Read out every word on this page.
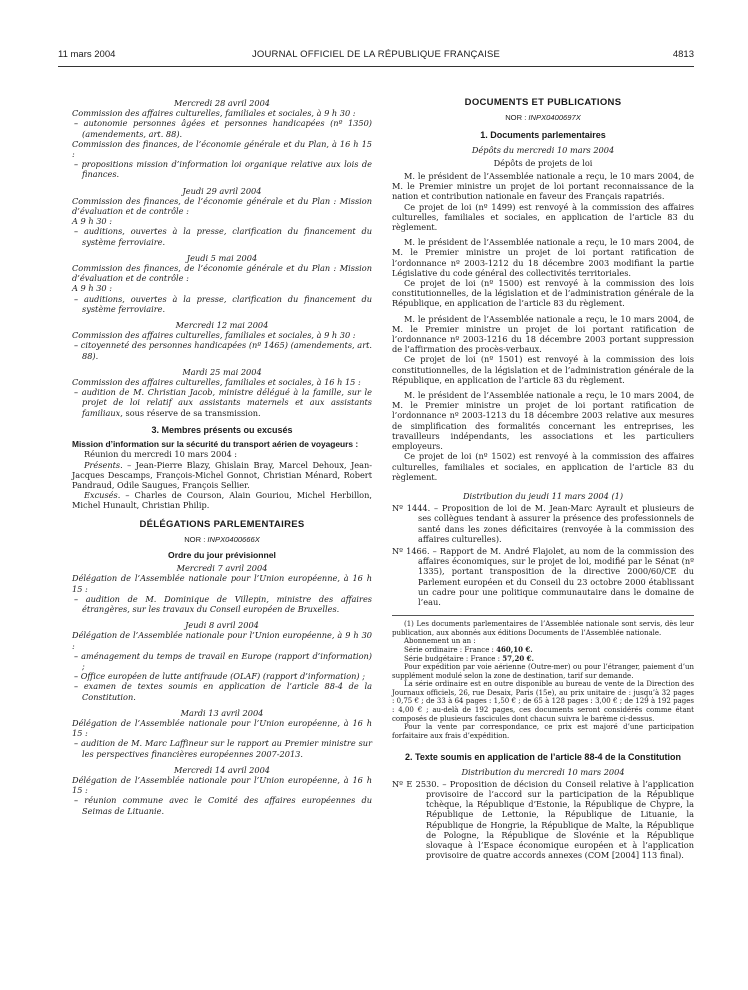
11 mars 2004	JOURNAL OFFICIEL DE LA RÉPUBLIQUE FRANÇAISE	4813

Mercredi 28 avril 2004

Commission des affaires culturelles, familiales et sociales, à 9 h 30 :

– autonomie personnes âgées et personnes handicapées (nº 1350) (amendements, art. 88).

Commission des finances, de l’économie générale et du Plan, à 16 h 15 :

– propositions mission d’information loi organique relative aux lois de finances.

Jeudi 29 avril 2004

Commission des finances, de l’économie générale et du Plan : Mission d’évaluation et de contrôle :

A 9 h 30 :

– auditions, ouvertes à la presse, clarification du financement du système ferroviaire.

Jeudi 5 mai 2004

Commission des finances, de l’économie générale et du Plan : Mission d’évaluation et de contrôle :

A 9 h 30 :

– auditions, ouvertes à la presse, clarification du financement du système ferroviaire.

Mercredi 12 mai 2004

Commission des affaires culturelles, familiales et sociales, à 9 h 30 :

– citoyenneté des personnes handicapées (nº 1465) (amendements, art. 88).

Mardi 25 mai 2004

Commission des affaires culturelles, familiales et sociales, à 16 h 15 :

– audition de M. Christian Jacob, ministre délégué à la famille, sur le projet de loi relatif aux assistants maternels et aux assistants familiaux, sous réserve de sa transmission.

3. Membres présents ou excusés

Mission d’information sur la sécurité du transport aérien de voyageurs :

Réunion du mercredi 10 mars 2004 :

Présents. – Jean-Pierre Blazy, Ghislain Bray, Marcel Dehoux, Jean-Jacques Descamps, François-Michel Gonnot, Christian Ménard, Robert Pandraud, Odile Saugues, François Sellier.

Excusés. – Charles de Courson, Alain Gouriou, Michel Herbillon, Michel Hunault, Christian Philip.

DÉLÉGATIONS PARLEMENTAIRES

NOR : INPX0400666X

Ordre du jour prévisionnel

Mercredi 7 avril 2004

Délégation de l’Assemblée nationale pour l’Union européenne, à 16 h 15 :

– audition de M. Dominique de Villepin, ministre des affaires étrangères, sur les travaux du Conseil européen de Bruxelles.

Jeudi 8 avril 2004

Délégation de l’Assemblée nationale pour l’Union européenne, à 9 h 30 :

– aménagement du temps de travail en Europe (rapport d’information) ;

– Office européen de lutte antifraude (OLAF) (rapport d’information) ;

– examen de textes soumis en application de l’article 88-4 de la Constitution.

Mardi 13 avril 2004

Délégation de l’Assemblée nationale pour l’Union européenne, à 16 h 15 :

– audition de M. Marc Laffineur sur le rapport au Premier ministre sur les perspectives financières européennes 2007-2013.

Mercredi 14 avril 2004

Délégation de l’Assemblée nationale pour l’Union européenne, à 16 h 15 :

– réunion commune avec le Comité des affaires européennes du Seimas de Lituanie.

DOCUMENTS ET PUBLICATIONS

NOR : INPX0400697X

1. Documents parlementaires

Dépôts du mercredi 10 mars 2004

Dépôts de projets de loi

M. le président de l’Assemblée nationale a reçu, le 10 mars 2004, de M. le Premier ministre un projet de loi portant reconnaissance de la nation et contribution nationale en faveur des Français rapatriés.

Ce projet de loi (nº 1499) est renvoyé à la commission des affaires culturelles, familiales et sociales, en application de l’article 83 du règlement.

M. le président de l’Assemblée nationale a reçu, le 10 mars 2004, de M. le Premier ministre un projet de loi portant ratification de l’ordonnance nº 2003-1212 du 18 décembre 2003 modifiant la partie Législative du code général des collectivités territoriales.

Ce projet de loi (nº 1500) est renvoyé à la commission des lois constitutionnelles, de la législation et de l’administration générale de la République, en application de l’article 83 du règlement.

M. le président de l’Assemblée nationale a reçu, le 10 mars 2004, de M. le Premier ministre un projet de loi portant ratification de l’ordonnance nº 2003-1216 du 18 décembre 2003 portant suppression de l’affirmation des procès-verbaux.

Ce projet de loi (nº 1501) est renvoyé à la commission des lois constitutionnelles, de la législation et de l’administration générale de la République, en application de l’article 83 du règlement.

M. le président de l’Assemblée nationale a reçu, le 10 mars 2004, de M. le Premier ministre un projet de loi portant ratification de l’ordonnance nº 2003-1213 du 18 décembre 2003 relative aux mesures de simplification des formalités concernant les entreprises, les travailleurs indépendants, les associations et les particuliers employeurs.

Ce projet de loi (nº 1502) est renvoyé à la commission des affaires culturelles, familiales et sociales, en application de l’article 83 du règlement.

Distribution du jeudi 11 mars 2004 (1)

Nº 1444. – Proposition de loi de M. Jean-Marc Ayrault et plusieurs de ses collègues tendant à assurer la présence des professionnels de santé dans les zones déficitaires (renvoyée à la commission des affaires culturelles).

Nº 1466. – Rapport de M. André Flajolet, au nom de la commission des affaires économiques, sur le projet de loi, modifié par le Sénat (nº 1335), portant transposition de la directive 2000/60/CE du Parlement européen et du Conseil du 23 octobre 2000 établissant un cadre pour une politique communautaire dans le domaine de l’eau.

(1) Les documents parlementaires de l’Assemblée nationale sont servis, dès leur publication, aux abonnés aux éditions Documents de l’Assemblée nationale.

Abonnement un an :

Série ordinaire : France : 460,10 €.

Série budgétaire : France : 57,20 €.

Pour expédition par voie aérienne (Outre-mer) ou pour l’étranger, paiement d’un supplément modulé selon la zone de destination, tarif sur demande.

La série ordinaire est en outre disponible au bureau de vente de la Direction des Journaux officiels, 26, rue Desaix, Paris (15e), au prix unitaire de : jusqu’à 32 pages : 0,75 € ; de 33 à 64 pages : 1,50 € ; de 65 à 128 pages : 3,00 € ; de 129 à 192 pages : 4,00 € ; au-delà de 192 pages, ces documents seront considérés comme étant composés de plusieurs fascicules dont chacun suivra le barème ci-dessus.

Pour la vente par correspondance, ce prix est majoré d’une participation forfaitaire aux frais d’expédition.

2. Texte soumis en application de l’article 88-4 de la Constitution

Distribution du mercredi 10 mars 2004

Nº E 2530. – Proposition de décision du Conseil relative à l’application provisoire de l’accord sur la participation de la République tchèque, la République d’Estonie, la République de Chypre, la République de Lettonie, la République de Lituanie, la République de Hongrie, la République de Malte, la République de Pologne, la République de Slovénie et la République slovaque à l’Espace économique européen et à l’application provisoire de quatre accords annexes (COM [2004] 113 final).
